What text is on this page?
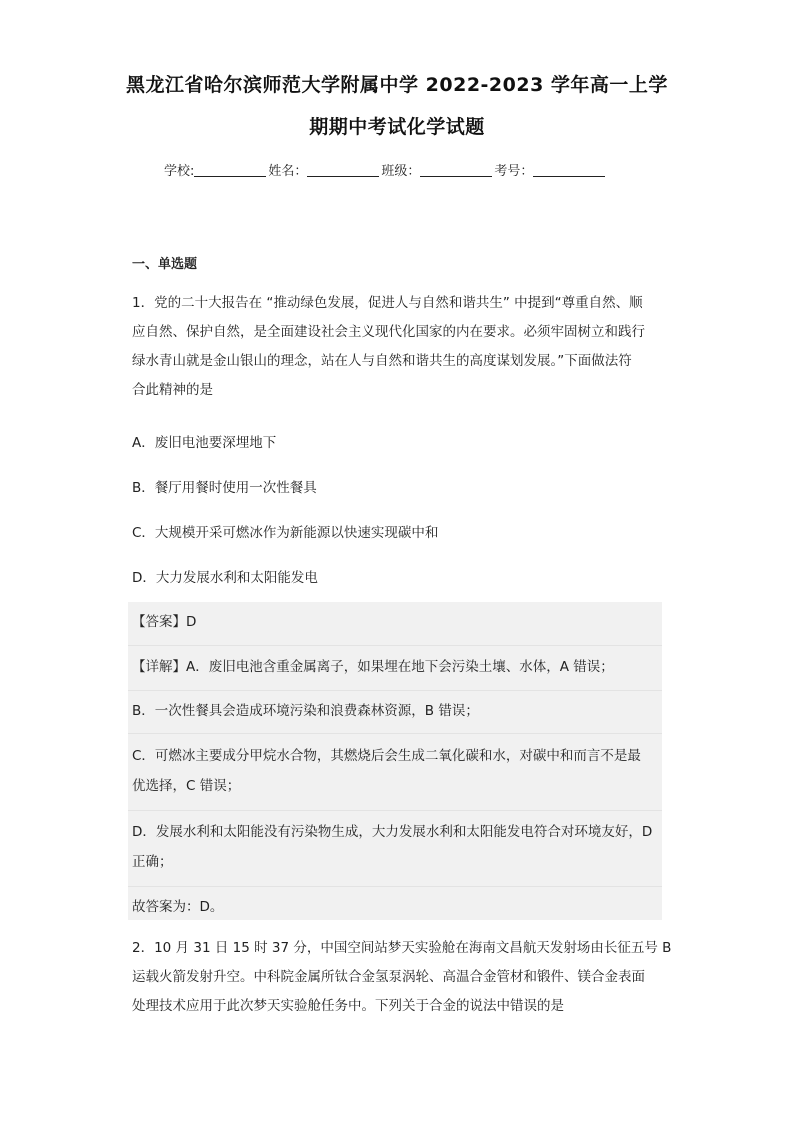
黑龙江省哈尔滨师范大学附属中学 2022-2023 学年高一上学
期期中考试化学试题
学校:	姓名：	班级：	考号：
一、单选题
1．党的二十大报告在 “推动绿色发展，促进人与自然和谐共生” 中提到“尊重自然、顺
应自然、保护自然，是全面建设社会主义现代化国家的内在要求。必须牢固树立和践行
绿水青山就是金山银山的理念，站在人与自然和谐共生的高度谋划发展。”下面做法符
合此精神的是
A．废旧电池要深埋地下
B．餐厅用餐时使用一次性餐具
C．大规模开采可燃冰作为新能源以快速实现碳中和
D．大力发展水利和太阳能发电
【答案】D
【详解】A．废旧电池含重金属离子，如果埋在地下会污染土壤、水体，A 错误；
B．一次性餐具会造成环境污染和浪费森林资源，B 错误；
C．可燃冰主要成分甲烷水合物，其燃烧后会生成二氧化碳和水，对碳中和而言不是最
优选择，C 错误；
D．发展水利和太阳能没有污染物生成，大力发展水利和太阳能发电符合对环境友好，D
正确；
故答案为：D。
2．10 月 31 日 15 时 37 分，中国空间站梦天实验舱在海南文昌航天发射场由长征五号 B
运载火箭发射升空。中科院金属所钛合金氢泵涡轮、高温合金管材和锻件、镁合金表面
处理技术应用于此次梦天实验舱任务中。下列关于合金的说法中错误的是
